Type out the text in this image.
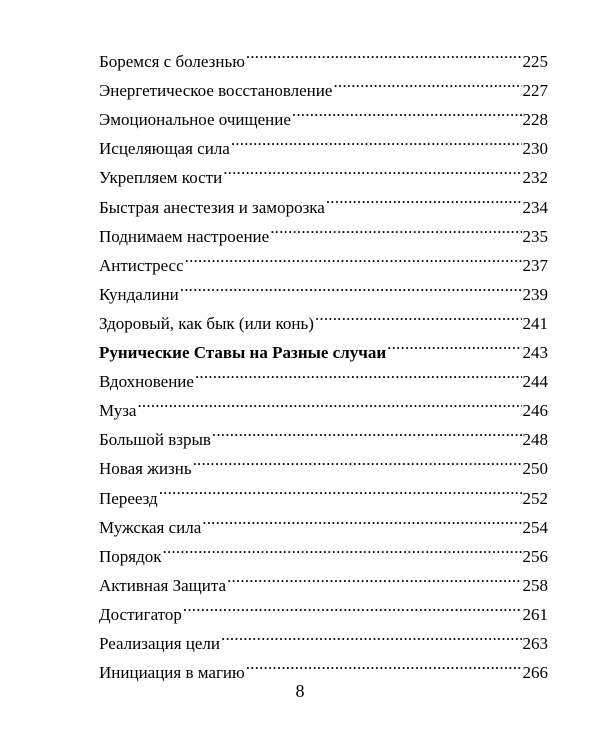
Боремся с болезнью .....	225
Энергетическое восстановление .....	227
Эмоциональное очищение .....	228
Исцеляющая сила .....	230
Укрепляем кости .....	232
Быстрая анестезия и заморозка .....	234
Поднимаем настроение .....	235
Антистресс .....	237
Кундалини .....	239
Здоровый, как бык (или конь) .....	241
Рунические Ставы на Разные случаи .....	243
Вдохновение .....	244
Муза .....	246
Большой взрыв .....	248
Новая жизнь .....	250
Переезд .....	252
Мужская сила .....	254
Порядок .....	256
Активная Защита .....	258
Достигатор .....	261
Реализация цели .....	263
Инициация в магию .....	266
8
